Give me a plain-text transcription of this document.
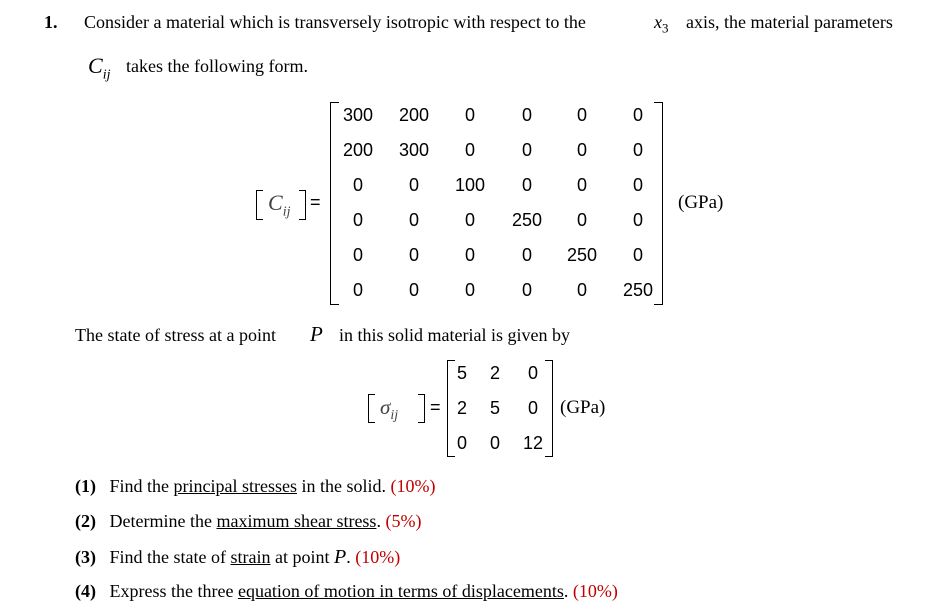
1. Consider a material which is transversely isotropic with respect to the	$x_3$ axis, the material parameters
$C_{ij}$ takes the following form.
$C_{ij}$ =
300	200	0	0	0	0
200	300	0	0	0	0
0	0	100	0	0	0
0	0	0	250	0	0
0	0	0	0	250	0
0	0	0	0	0	250
(GPa)
The state of stress at a point P in this solid material is given by
$\sigma_{ij}$ =
5	2	0
2	5	0
0	0	12
(GPa)
(1) Find the principal stresses in the solid. (10%)
(2) Determine the maximum shear stress. (5%)
(3) Find the state of strain at point P. (10%)
(4) Express the three equation of motion in terms of displacements. (10%)
